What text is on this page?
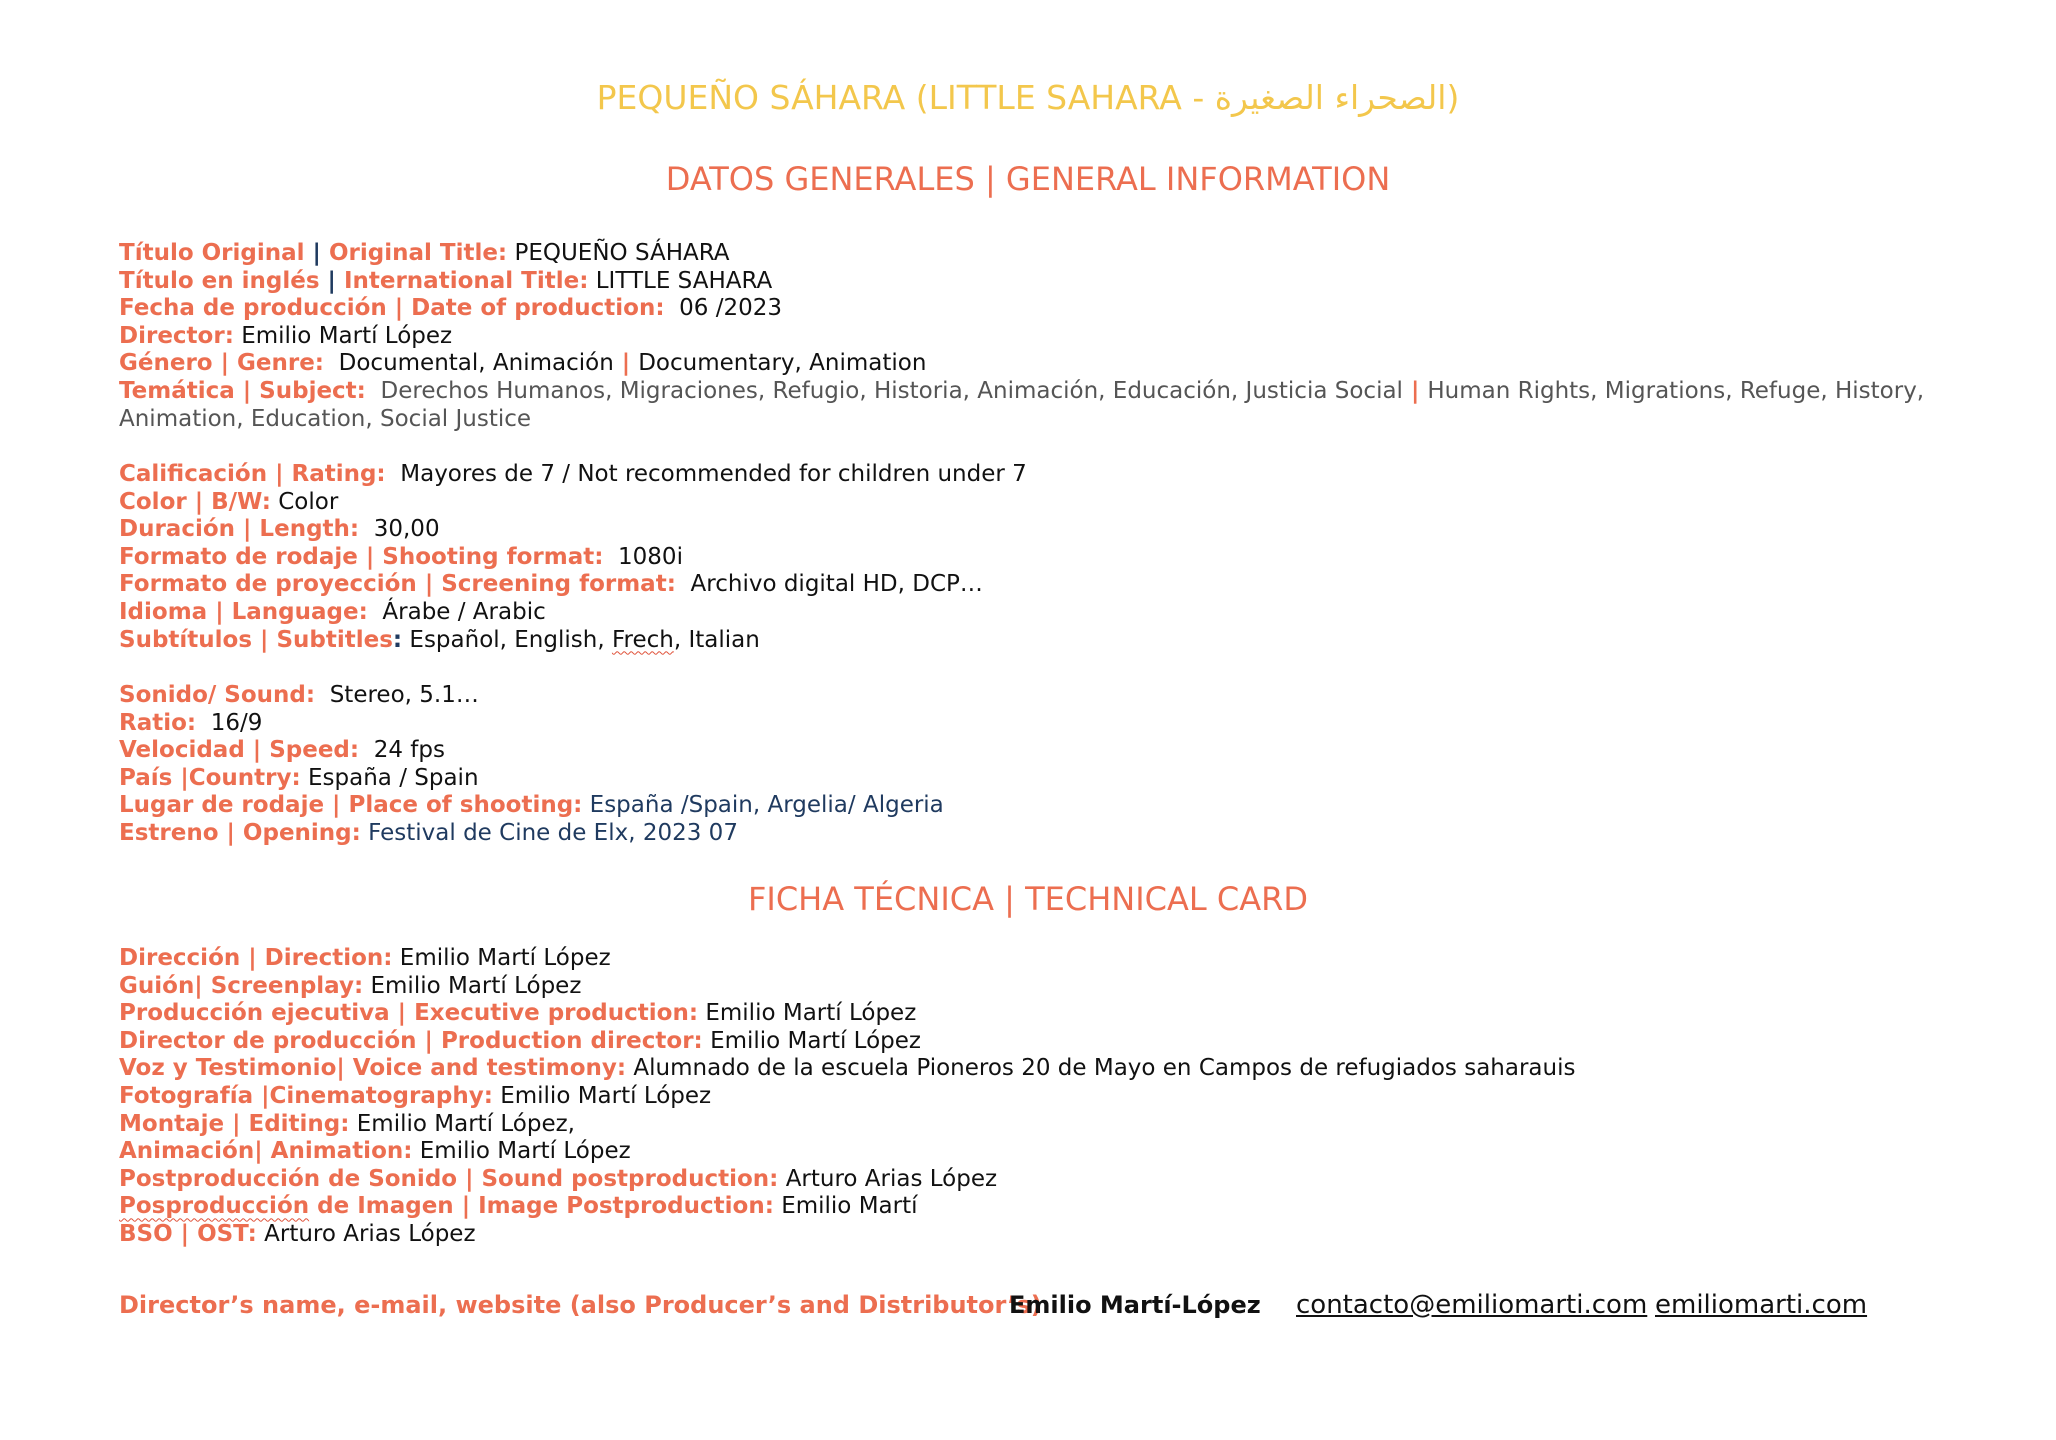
PEQUEÑO SÁHARA (LITTLE SAHARA - الصحراء الصغيرة)
DATOS GENERALES | GENERAL INFORMATION
Título Original | Original Title: PEQUEÑO SÁHARA
Título en inglés | International Title: LITTLE SAHARA
Fecha de producción | Date of production: 06 /2023
Director: Emilio Martí López
Género | Genre: Documental, Animación | Documentary, Animation
Temática | Subject: Derechos Humanos, Migraciones, Refugio, Historia, Animación, Educación, Justicia Social | Human Rights, Migrations, Refuge, History, Animation, Education, Social Justice
Calificación | Rating: Mayores de 7 / Not recommended for children under 7
Color | B/W: Color
Duración | Length: 30,00
Formato de rodaje | Shooting format: 1080i
Formato de proyección | Screening format: Archivo digital HD, DCP…
Idioma | Language: Árabe / Arabic
Subtítulos | Subtitles: Español, English, Frech, Italian
Sonido/ Sound: Stereo, 5.1…
Ratio: 16/9
Velocidad | Speed: 24 fps
País |Country: España / Spain
Lugar de rodaje | Place of shooting: España /Spain, Argelia/ Algeria
Estreno | Opening: Festival de Cine de Elx, 2023 07
FICHA TÉCNICA | TECHNICAL CARD
Dirección | Direction: Emilio Martí López
Guión| Screenplay: Emilio Martí López
Producción ejecutiva | Executive production: Emilio Martí López
Director de producción | Production director: Emilio Martí López
Voz y Testimonio| Voice and testimony: Alumnado de la escuela Pioneros 20 de Mayo en Campos de refugiados saharauis
Fotografía |Cinematography: Emilio Martí López
Montaje | Editing: Emilio Martí López,
Animación| Animation: Emilio Martí López
Postproducción de Sonido | Sound postproduction: Arturo Arias López
Posproducción de Imagen | Image Postproduction: Emilio Martí
BSO | OST: Arturo Arias López
Director’s name, e-mail, website (also Producer’s and Distributor’s)
Emilio Martí-López contacto@emiliomarti.com emiliomarti.com
